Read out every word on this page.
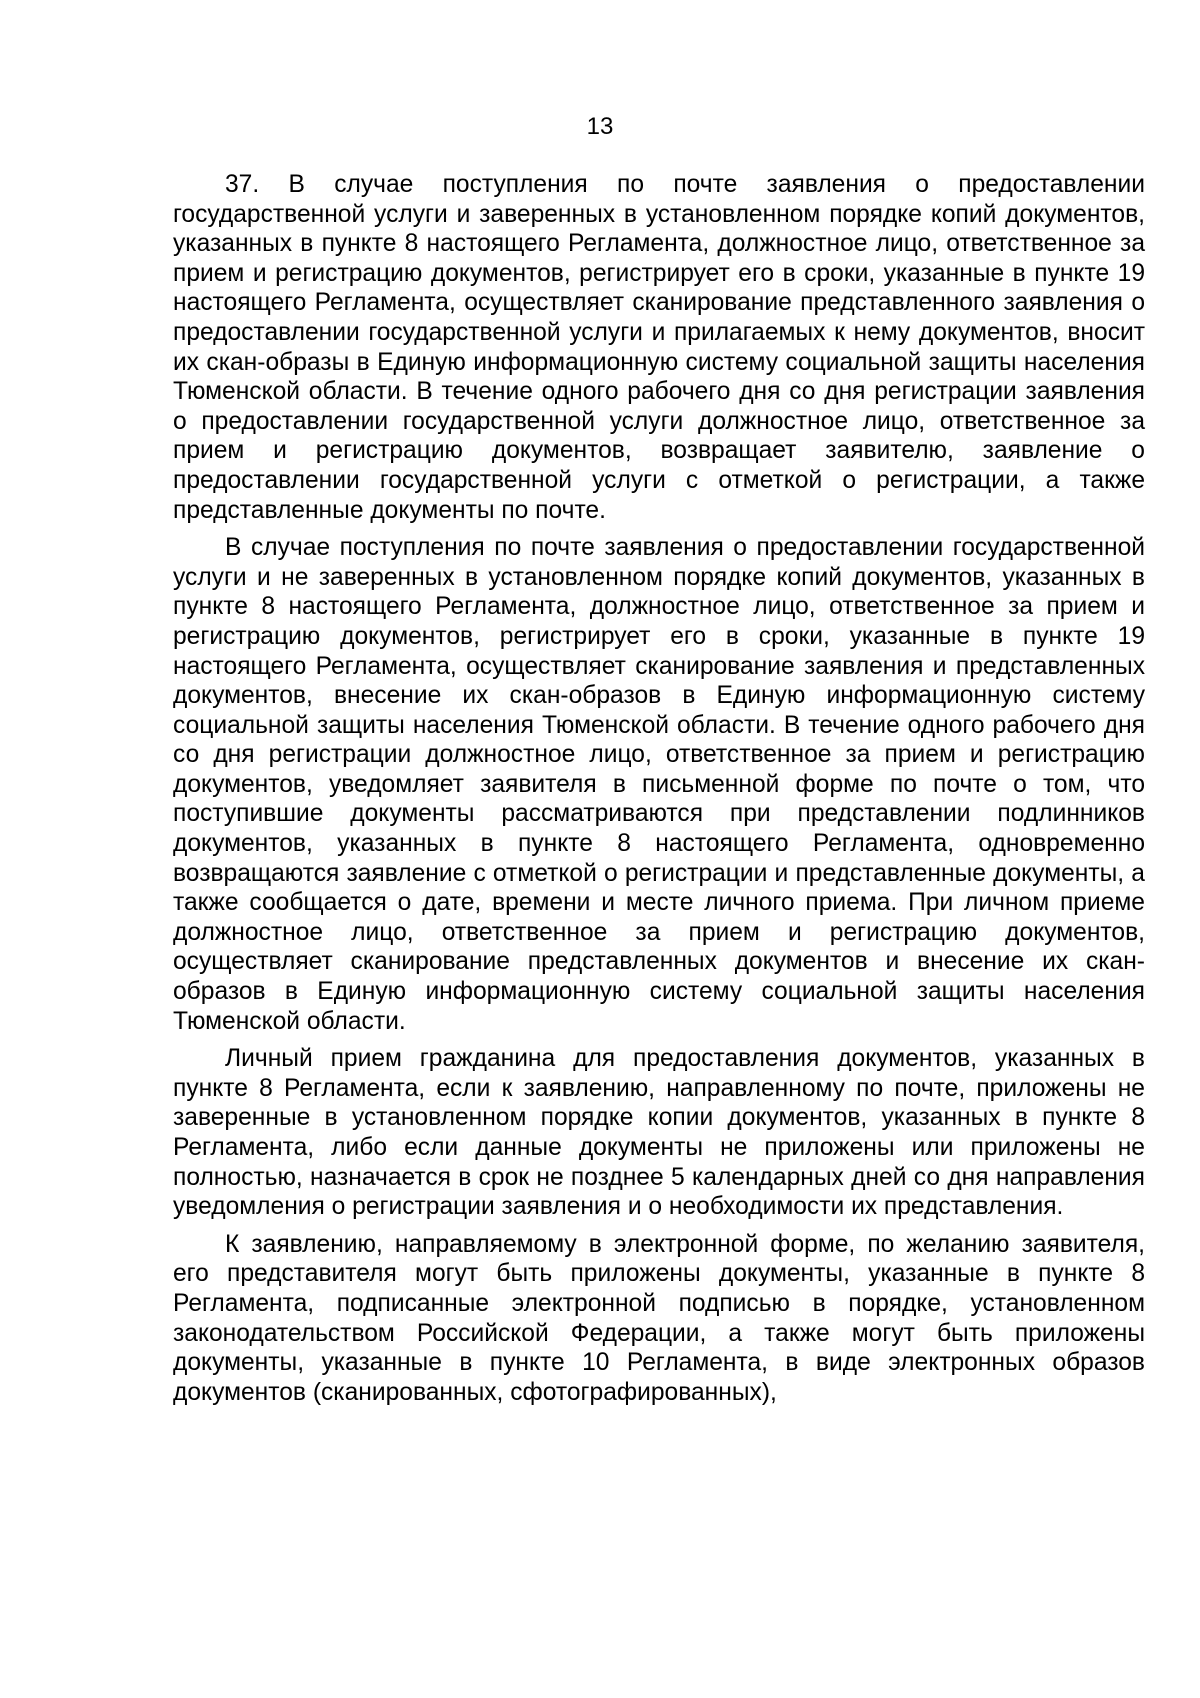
13

37. В случае поступления по почте заявления о предоставлении государственной услуги и заверенных в установленном порядке копий документов, указанных в пункте 8 настоящего Регламента, должностное лицо, ответственное за прием и регистрацию документов, регистрирует его в сроки, указанные в пункте 19 настоящего Регламента, осуществляет сканирование представленного заявления о предоставлении государственной услуги и прилагаемых к нему документов, вносит их скан-образы в Единую информационную систему социальной защиты населения Тюменской области. В течение одного рабочего дня со дня регистрации заявления о предоставлении государственной услуги должностное лицо, ответственное за прием и регистрацию документов, возвращает заявителю, заявление о предоставлении государственной услуги с отметкой о регистрации, а также представленные документы по почте.

В случае поступления по почте заявления о предоставлении государственной услуги и не заверенных в установленном порядке копий документов, указанных в пункте 8 настоящего Регламента, должностное лицо, ответственное за прием и регистрацию документов, регистрирует его в сроки, указанные в пункте 19 настоящего Регламента, осуществляет сканирование заявления и представленных документов, внесение их скан-образов в Единую информационную систему социальной защиты населения Тюменской области. В течение одного рабочего дня со дня регистрации должностное лицо, ответственное за прием и регистрацию документов, уведомляет заявителя в письменной форме по почте о том, что поступившие документы рассматриваются при представлении подлинников документов, указанных в пункте 8 настоящего Регламента, одновременно возвращаются заявление с отметкой о регистрации и представленные документы, а также сообщается о дате, времени и месте личного приема. При личном приеме должностное лицо, ответственное за прием и регистрацию документов, осуществляет сканирование представленных документов и внесение их скан-образов в Единую информационную систему социальной защиты населения Тюменской области.

Личный прием гражданина для предоставления документов, указанных в пункте 8 Регламента, если к заявлению, направленному по почте, приложены не заверенные в установленном порядке копии документов, указанных в пункте 8 Регламента, либо если данные документы не приложены или приложены не полностью, назначается в срок не позднее 5 календарных дней со дня направления уведомления о регистрации заявления и о необходимости их представления.

К заявлению, направляемому в электронной форме, по желанию заявителя, его представителя могут быть приложены документы, указанные в пункте 8 Регламента, подписанные электронной подписью в порядке, установленном законодательством Российской Федерации, а также могут быть приложены документы, указанные в пункте 10 Регламента, в виде электронных образов документов (сканированных, сфотографированных),
